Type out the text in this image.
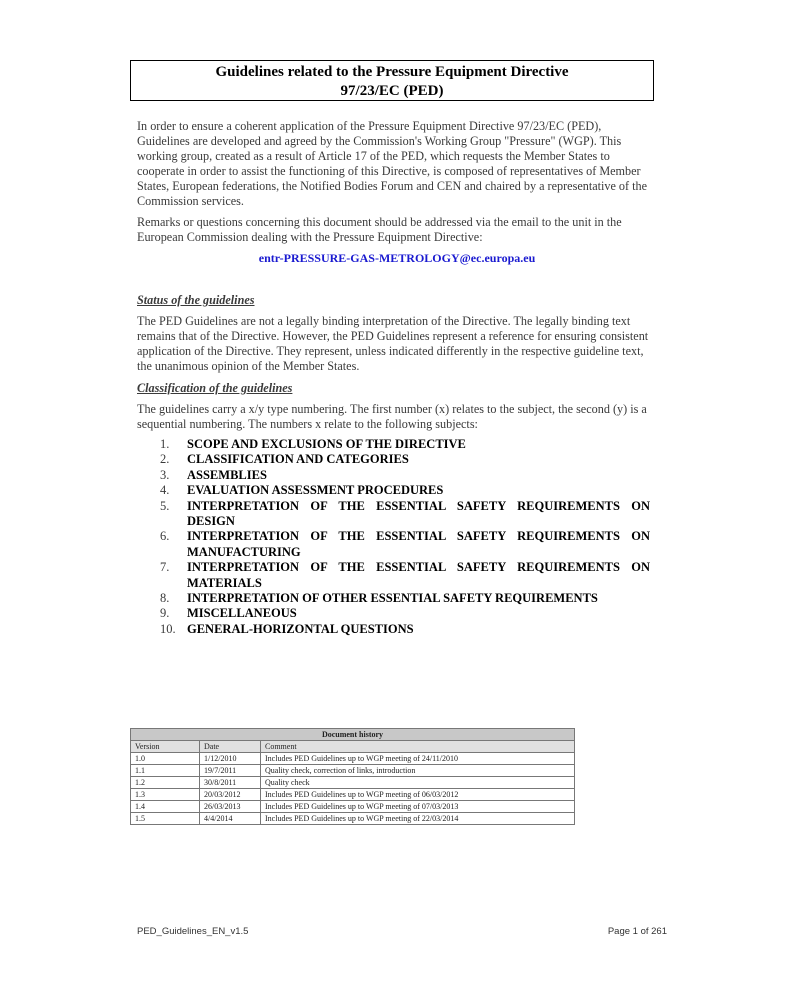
Guidelines related to the Pressure Equipment Directive
97/23/EC (PED)
In order to ensure a coherent application of the Pressure Equipment Directive 97/23/EC (PED), Guidelines are developed and agreed by the Commission's Working Group "Pressure" (WGP). This working group, created as a result of Article 17 of the PED, which requests the Member States to cooperate in order to assist the functioning of this Directive, is composed of representatives of Member States, European federations, the Notified Bodies Forum and CEN and chaired by a representative of the Commission services.
Remarks or questions concerning this document should be addressed via the email to the unit in the European Commission dealing with the Pressure Equipment Directive:
entr-PRESSURE-GAS-METROLOGY@ec.europa.eu
Status of the guidelines
The PED Guidelines are not a legally binding interpretation of the Directive. The legally binding text remains that of the Directive. However, the PED Guidelines represent a reference for ensuring consistent application of the Directive. They represent, unless indicated differently in the respective guideline text, the unanimous opinion of the Member States.
Classification of the guidelines
The guidelines carry a x/y type numbering. The first number (x) relates to the subject, the second (y) is a sequential numbering. The numbers x relate to the following subjects:
1.	SCOPE AND EXCLUSIONS OF THE DIRECTIVE
2.	CLASSIFICATION AND CATEGORIES
3.	ASSEMBLIES
4.	EVALUATION ASSESSMENT PROCEDURES
5.	INTERPRETATION OF THE ESSENTIAL SAFETY REQUIREMENTS ON DESIGN
6.	INTERPRETATION OF THE ESSENTIAL SAFETY REQUIREMENTS ON MANUFACTURING
7.	INTERPRETATION OF THE ESSENTIAL SAFETY REQUIREMENTS ON MATERIALS
8.	INTERPRETATION OF OTHER ESSENTIAL SAFETY REQUIREMENTS
9.	MISCELLANEOUS
10. GENERAL-HORIZONTAL QUESTIONS
Document history		
Version	Date	Comment
1.0	1/12/2010	Includes PED Guidelines up to WGP meeting of 24/11/2010
1.1	19/7/2011	Quality check, correction of links, introduction
1.2	30/8/2011	Quality check
1.3	20/03/2012	Includes PED Guidelines up to WGP meeting of 06/03/2012
1.4	26/03/2013	Includes PED Guidelines up to WGP meeting of 07/03/2013
1.5	4/4/2014	Includes PED Guidelines up to WGP meeting of 22/03/2014
PED_Guidelines_EN_v1.5	Page 1 of 261
